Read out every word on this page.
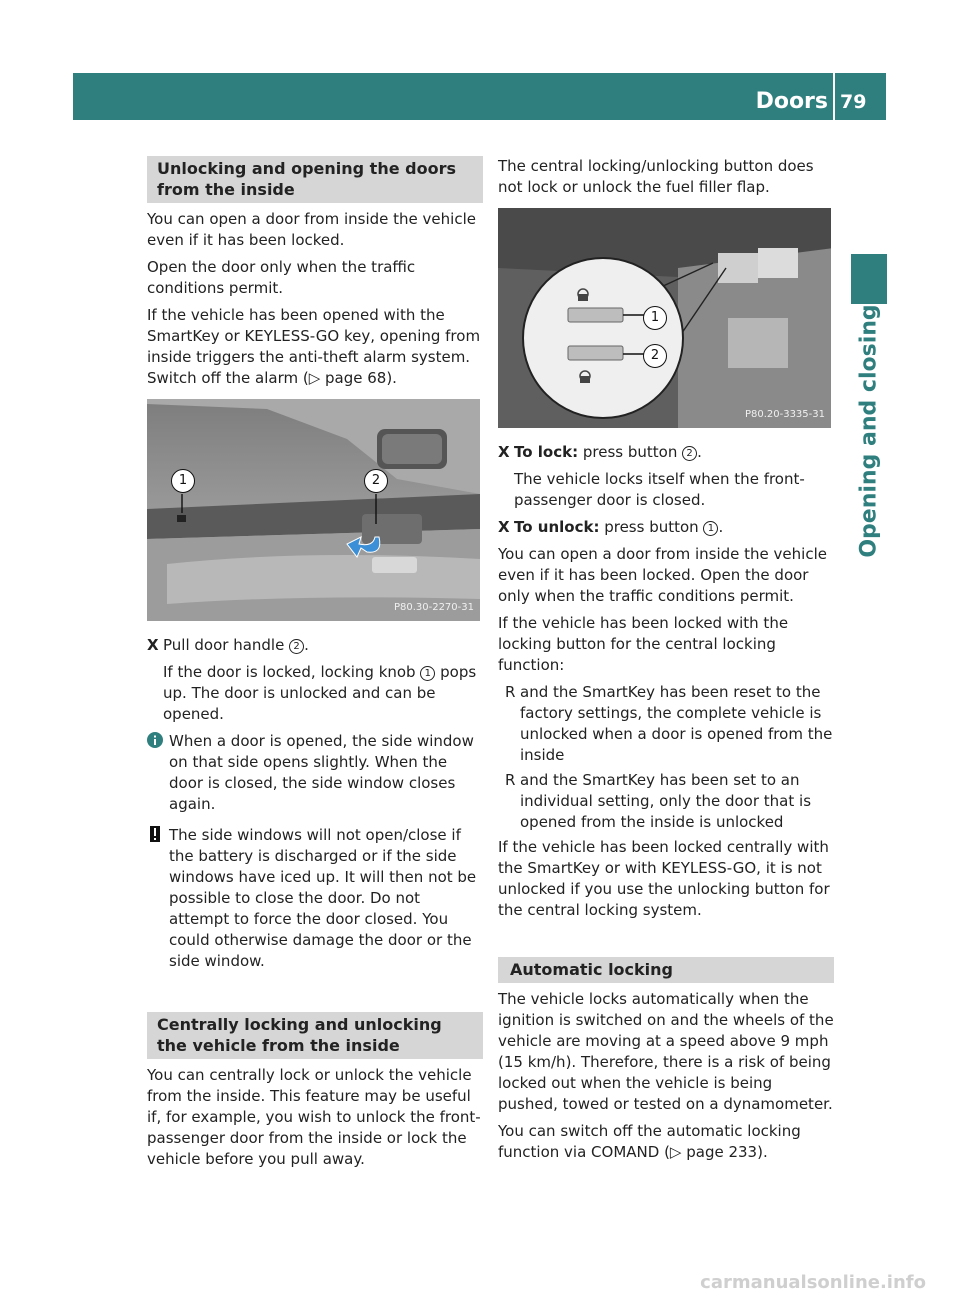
Doors 79
Opening and closing
Unlocking and opening the doors from the inside

You can open a door from inside the vehicle even if it has been locked.

Open the door only when the traffic conditions permit.

If the vehicle has been opened with the SmartKey or KEYLESS-GO key, opening from inside triggers the anti-theft alarm system. Switch off the alarm (▷ page 68).

1	2
P80.30-2270-31
X Pull door handle 2 .
If the door is locked, locking knob 1 pops up. The door is unlocked and can be opened.
When a door is opened, the side window on that side opens slightly. When the door is closed, the side window closes again.
The side windows will not open/close if the battery is discharged or if the side windows have iced up. It will then not be possible to close the door. Do not attempt to force the door closed. You could otherwise damage the door or the side window.
Centrally locking and unlocking the vehicle from the inside

You can centrally lock or unlock the vehicle from the inside. This feature may be useful if, for example, you wish to unlock the front-passenger door from the inside or lock the vehicle before you pull away.

The central locking/unlocking button does not lock or unlock the fuel filler flap.

1
2
P80.20-3335-31
X To lock: press button 2 .
The vehicle locks itself when the front-passenger door is closed.
X To unlock: press button 1 .

You can open a door from inside the vehicle even if it has been locked. Open the door only when the traffic conditions permit.

If the vehicle has been locked with the locking button for the central locking function:

R and the SmartKey has been reset to the factory settings, the complete vehicle is unlocked when a door is opened from the inside
R and the SmartKey has been set to an individual setting, only the door that is opened from the inside is unlocked

If the vehicle has been locked centrally with the SmartKey or with KEYLESS-GO, it is not unlocked if you use the unlocking button for the central locking system.

Automatic locking

The vehicle locks automatically when the ignition is switched on and the wheels of the vehicle are moving at a speed above 9 mph (15 km/h). Therefore, there is a risk of being locked out when the vehicle is being pushed, towed or tested on a dynamometer.

You can switch off the automatic locking function via COMAND (▷ page 233).

carmanualsonline.info
